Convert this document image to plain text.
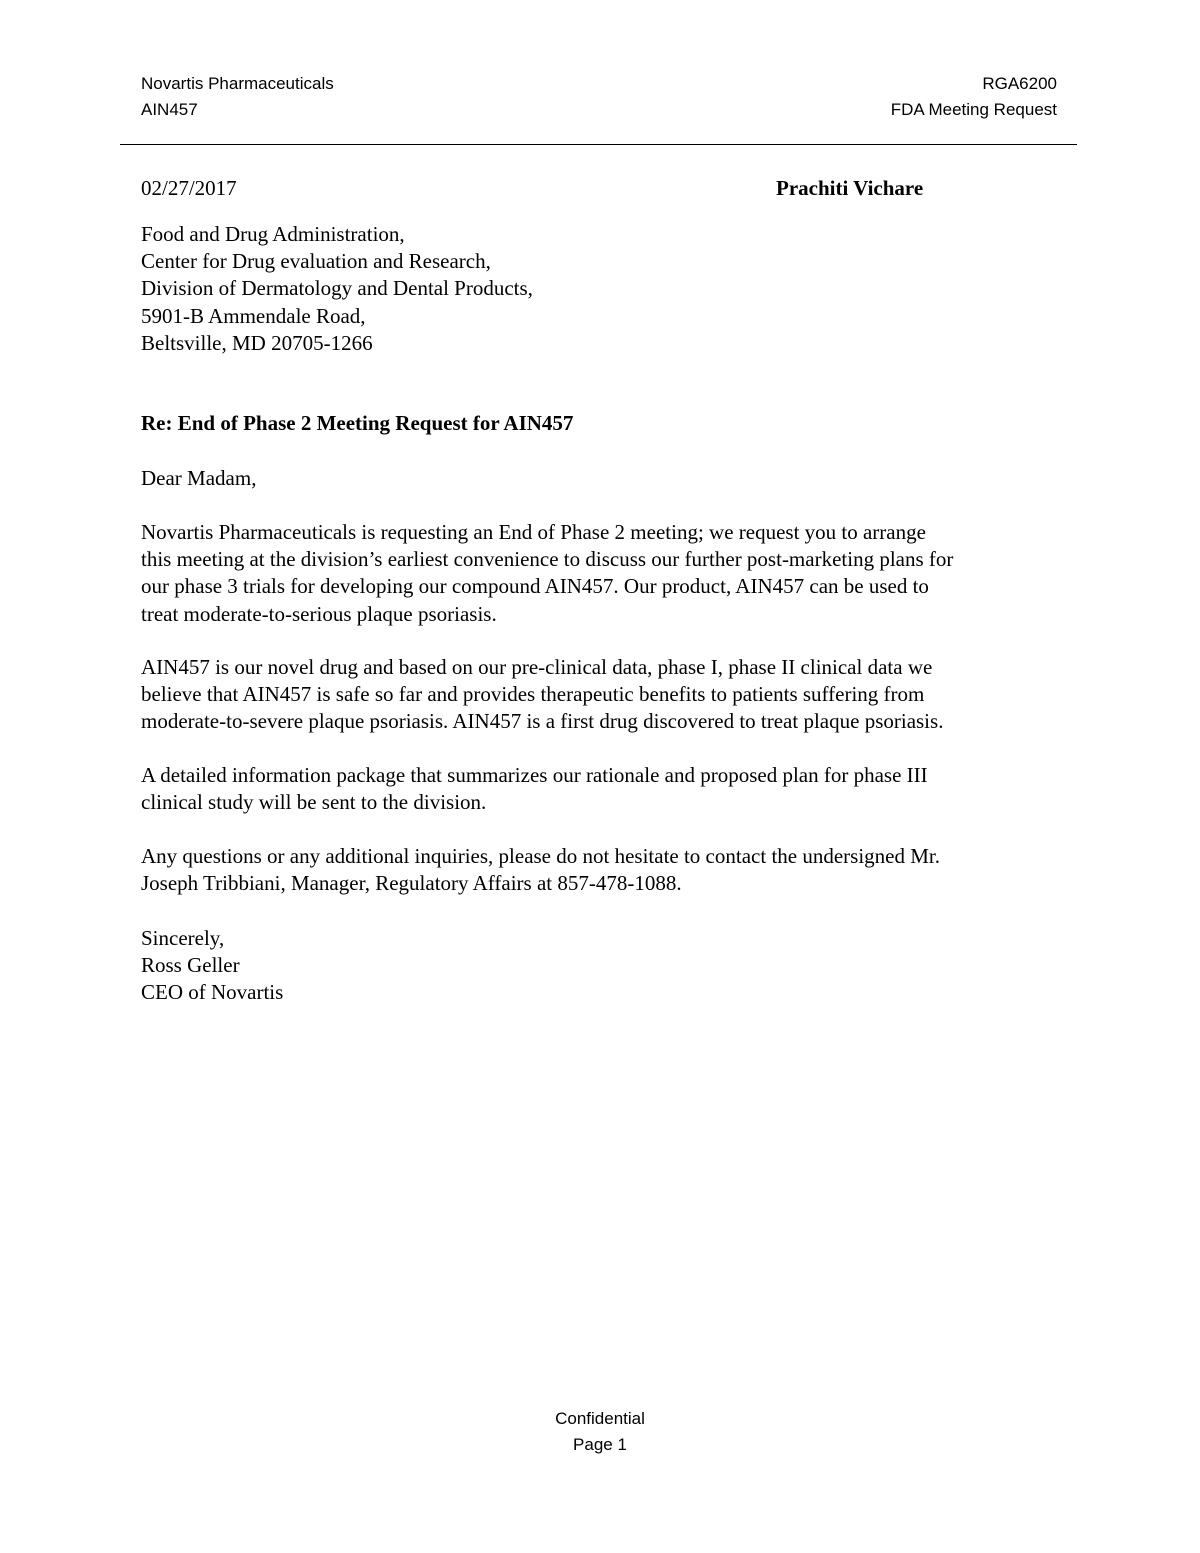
Novartis Pharmaceuticals
AIN457
RGA6200
FDA Meeting Request
02/27/2017	Prachiti Vichare
Food and Drug Administration,
Center for Drug evaluation and Research,
Division of Dermatology and Dental Products,
5901-B Ammendale Road,
Beltsville, MD 20705-1266
Re: End of Phase 2 Meeting Request for AIN457
Dear Madam,
Novartis Pharmaceuticals is requesting an End of Phase 2 meeting; we request you to arrange
this meeting at the division’s earliest convenience to discuss our further post-marketing plans for
our phase 3 trials for developing our compound AIN457. Our product, AIN457 can be used to
treat moderate-to-serious plaque psoriasis.
AIN457 is our novel drug and based on our pre-clinical data, phase I, phase II clinical data we
believe that AIN457 is safe so far and provides therapeutic benefits to patients suffering from
moderate-to-severe plaque psoriasis. AIN457 is a first drug discovered to treat plaque psoriasis.
A detailed information package that summarizes our rationale and proposed plan for phase III
clinical study will be sent to the division.
Any questions or any additional inquiries, please do not hesitate to contact the undersigned Mr.
Joseph Tribbiani, Manager, Regulatory Affairs at 857-478-1088.
Sincerely,
Ross Geller
CEO of Novartis
Confidential
Page 1
